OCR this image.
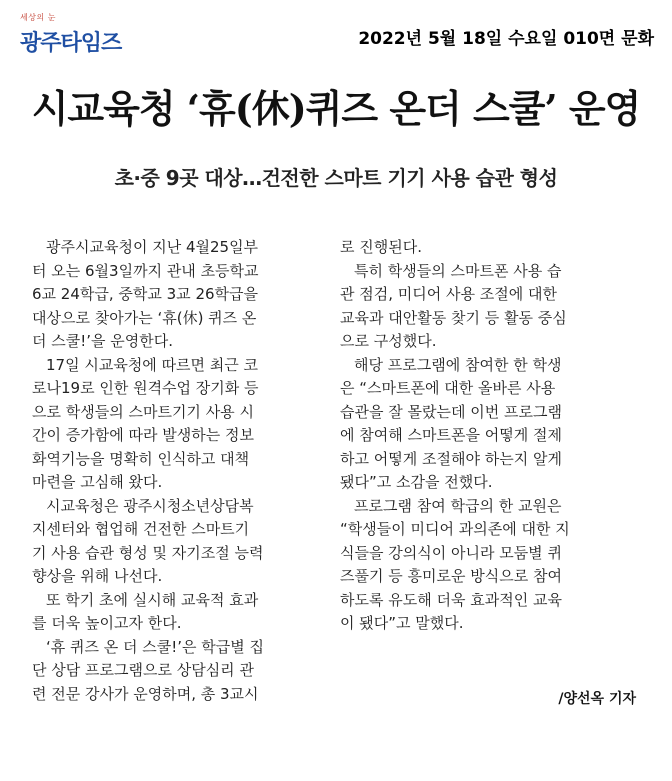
세상의 눈
광주타임즈	2022년 5월 18일 수요일 010면 문화
시교육청 ‘휴(休)퀴즈 온더 스쿨’ 운영
초·중 9곳 대상…건전한 스마트 기기 사용 습관 형성
광주시교육청이 지난 4월25일부
터 오는 6월3일까지 관내 초등학교
6교 24학급, 중학교 3교 26학급을
대상으로 찾아가는 ‘휴(休) 퀴즈 온
더 스쿨!’을 운영한다.
17일 시교육청에 따르면 최근 코
로나19로 인한 원격수업 장기화 등
으로 학생들의 스마트기기 사용 시
간이 증가함에 따라 발생하는 정보
화역기능을 명확히 인식하고 대책
마련을 고심해 왔다.
시교육청은 광주시청소년상담복
지센터와 협업해 건전한 스마트기
기 사용 습관 형성 및 자기조절 능력
향상을 위해 나선다.
또 학기 초에 실시해 교육적 효과
를 더욱 높이고자 한다.
‘휴 퀴즈 온 더 스쿨!’은 학급별 집
단 상담 프로그램으로 상담심리 관
련 전문 강사가 운영하며, 총 3교시
로 진행된다.
특히 학생들의 스마트폰 사용 습
관 점검, 미디어 사용 조절에 대한
교육과 대안활동 찾기 등 활동 중심
으로 구성했다.
해당 프로그램에 참여한 한 학생
은 “스마트폰에 대한 올바른 사용
습관을 잘 몰랐는데 이번 프로그램
에 참여해 스마트폰을 어떻게 절제
하고 어떻게 조절해야 하는지 알게
됐다”고 소감을 전했다.
프로그램 참여 학급의 한 교원은
“학생들이 미디어 과의존에 대한 지
식들을 강의식이 아니라 모둠별 퀴
즈풀기 등 흥미로운 방식으로 참여
하도록 유도해 더욱 효과적인 교육
이 됐다”고 말했다.
/양선옥 기자
